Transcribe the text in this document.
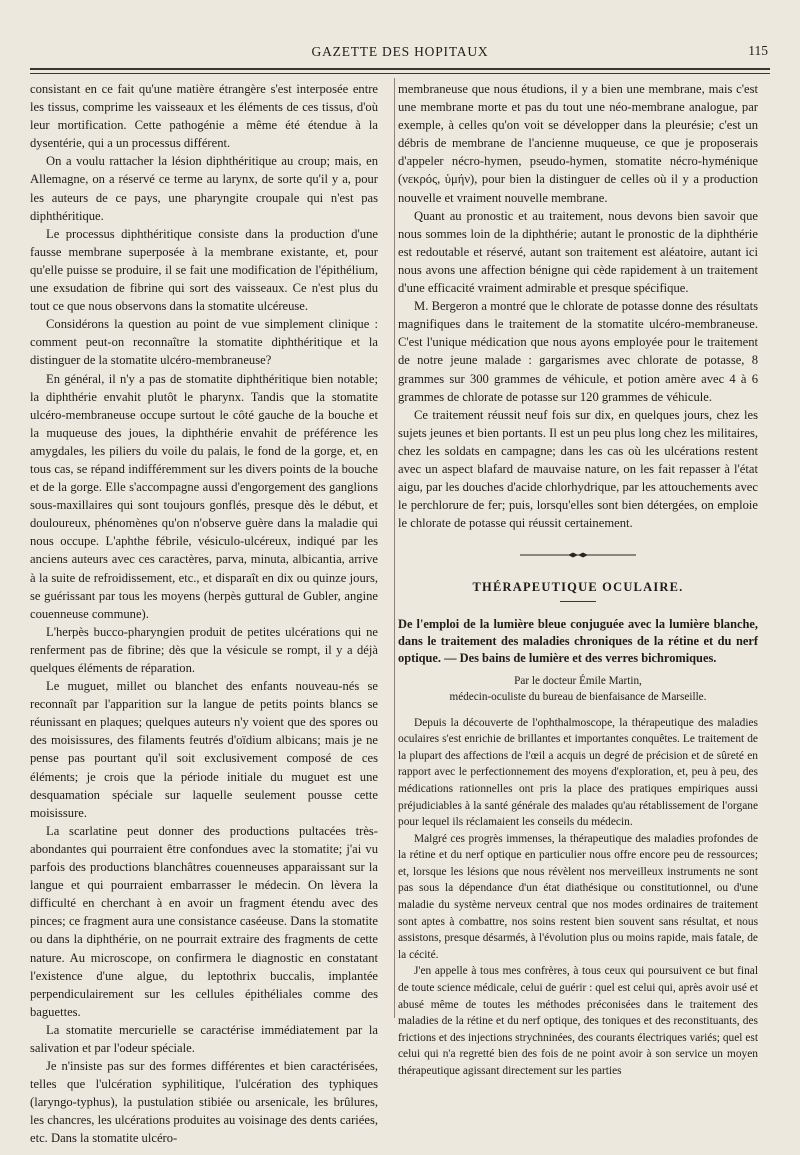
GAZETTE DES HOPITAUX	115

consistant en ce fait qu'une matière étrangère s'est interposée entre les tissus, comprime les vaisseaux et les éléments de ces tissus, d'où leur mortification. Cette pathogénie a même été étendue à la dysentérie, qui a un processus différent.

On a voulu rattacher la lésion diphthéritique au croup; mais, en Allemagne, on a réservé ce terme au larynx, de sorte qu'il y a, pour les auteurs de ce pays, une pharyngite croupale qui n'est pas diphthéritique.

Le processus diphthéritique consiste dans la production d'une fausse membrane superposée à la membrane existante, et, pour qu'elle puisse se produire, il se fait une modification de l'épithélium, une exsudation de fibrine qui sort des vaisseaux. Ce n'est plus du tout ce que nous observons dans la stomatite ulcéreuse.

Considérons la question au point de vue simplement clinique : comment peut-on reconnaître la stomatite diphthéritique et la distinguer de la stomatite ulcéro-membraneuse?

En général, il n'y a pas de stomatite diphthéritique bien notable; la diphthérie envahit plutôt le pharynx. Tandis que la stomatite ulcéro-membraneuse occupe surtout le côté gauche de la bouche et la muqueuse des joues, la diphthérie envahit de préférence les amygdales, les piliers du voile du palais, le fond de la gorge, et, en tous cas, se répand indifféremment sur les divers points de la bouche et de la gorge. Elle s'accompagne aussi d'engorgement des ganglions sous-maxillaires qui sont toujours gonflés, presque dès le début, et douloureux, phénomènes qu'on n'observe guère dans la maladie qui nous occupe. L'aphthe fébrile, vésiculo-ulcéreux, indiqué par les anciens auteurs avec ces caractères, parva, minuta, albicantia, arrive à la suite de refroidissement, etc., et disparaît en dix ou quinze jours, se guérissant par tous les moyens (herpès guttural de Gubler, angine couenneuse commune).

L'herpès bucco-pharyngien produit de petites ulcérations qui ne renferment pas de fibrine; dès que la vésicule se rompt, il y a déjà quelques éléments de réparation.

Le muguet, millet ou blanchet des enfants nouveau-nés se reconnaît par l'apparition sur la langue de petits points blancs se réunissant en plaques; quelques auteurs n'y voient que des spores ou des moisissures, des filaments feutrés d'oïdium albicans; mais je ne pense pas pourtant qu'il soit exclusivement composé de ces éléments; je crois que la période initiale du muguet est une desquamation spéciale sur laquelle seulement pousse cette moisissure.

La scarlatine peut donner des productions pultacées très-abondantes qui pourraient être confondues avec la stomatite; j'ai vu parfois des productions blanchâtres couenneuses apparaissant sur la langue et qui pourraient embarrasser le médecin. On lèvera la difficulté en cherchant à en avoir un fragment étendu avec des pinces; ce fragment aura une consistance caséeuse. Dans la stomatite ou dans la diphthérie, on ne pourrait extraire des fragments de cette nature. Au microscope, on confirmera le diagnostic en constatant l'existence d'une algue, du leptothrix buccalis, implantée perpendiculairement sur les cellules épithéliales comme des baguettes.

La stomatite mercurielle se caractérise immédiatement par la salivation et par l'odeur spéciale.

Je n'insiste pas sur des formes différentes et bien caractérisées, telles que l'ulcération syphilitique, l'ulcération des typhiques (laryngo-typhus), la pustulation stibiée ou arsenicale, les brûlures, les chancres, les ulcérations produites au voisinage des dents cariées, etc. Dans la stomatite ulcéro-

membraneuse que nous étudions, il y a bien une membrane, mais c'est une membrane morte et pas du tout une néo-membrane analogue, par exemple, à celles qu'on voit se développer dans la pleurésie; c'est un débris de membrane de l'ancienne muqueuse, ce que je proposerais d'appeler nécro-hymen, pseudo-hymen, stomatite nécro-hyménique (νεκρός, ὑμήν), pour bien la distinguer de celles où il y a production nouvelle et vraiment nouvelle membrane.

Quant au pronostic et au traitement, nous devons bien savoir que nous sommes loin de la diphthérie; autant le pronostic de la diphthérie est redoutable et réservé, autant son traitement est aléatoire, autant ici nous avons une affection bénigne qui cède rapidement à un traitement d'une efficacité vraiment admirable et presque spécifique.

M. Bergeron a montré que le chlorate de potasse donne des résultats magnifiques dans le traitement de la stomatite ulcéro-membraneuse. C'est l'unique médication que nous ayons employée pour le traitement de notre jeune malade : gargarismes avec chlorate de potasse, 8 grammes sur 300 grammes de véhicule, et potion amère avec 4 à 6 grammes de chlorate de potasse sur 120 grammes de véhicule.

Ce traitement réussit neuf fois sur dix, en quelques jours, chez les sujets jeunes et bien portants. Il est un peu plus long chez les militaires, chez les soldats en campagne; dans les cas où les ulcérations restent avec un aspect blafard de mauvaise nature, on les fait repasser à l'état aigu, par les douches d'acide chlorhydrique, par les attouchements avec le perchlorure de fer; puis, lorsqu'elles sont bien détergées, on emploie le chlorate de potasse qui réussit certainement.

THÉRAPEUTIQUE OCULAIRE.
De l'emploi de la lumière bleue conjuguée avec la lumière blanche, dans le traitement des maladies chroniques de la rétine et du nerf optique. — Des bains de lumière et des verres bichromiques.
Par le docteur Émile Martin,
médecin-oculiste du bureau de bienfaisance de Marseille.

Depuis la découverte de l'ophthalmoscope, la thérapeutique des maladies oculaires s'est enrichie de brillantes et importantes conquêtes. Le traitement de la plupart des affections de l'œil a acquis un degré de précision et de sûreté en rapport avec le perfectionnement des moyens d'exploration, et, peu à peu, des médications rationnelles ont pris la place des pratiques empiriques aussi préjudiciables à la santé générale des malades qu'au rétablissement de l'organe pour lequel ils réclamaient les conseils du médecin.

Malgré ces progrès immenses, la thérapeutique des maladies profondes de la rétine et du nerf optique en particulier nous offre encore peu de ressources; et, lorsque les lésions que nous révèlent nos merveilleux instruments ne sont pas sous la dépendance d'un état diathésique ou constitutionnel, ou d'une maladie du système nerveux central que nos modes ordinaires de traitement sont aptes à combattre, nos soins restent bien souvent sans résultat, et nous assistons, presque désarmés, à l'évolution plus ou moins rapide, mais fatale, de la cécité.

J'en appelle à tous mes confrères, à tous ceux qui poursuivent ce but final de toute science médicale, celui de guérir : quel est celui qui, après avoir usé et abusé même de toutes les méthodes préconisées dans le traitement des maladies de la rétine et du nerf optique, des toniques et des reconstituants, des frictions et des injections strychninées, des courants électriques variés; quel est celui qui n'a regretté bien des fois de ne point avoir à son service un moyen thérapeutique agissant directement sur les parties
